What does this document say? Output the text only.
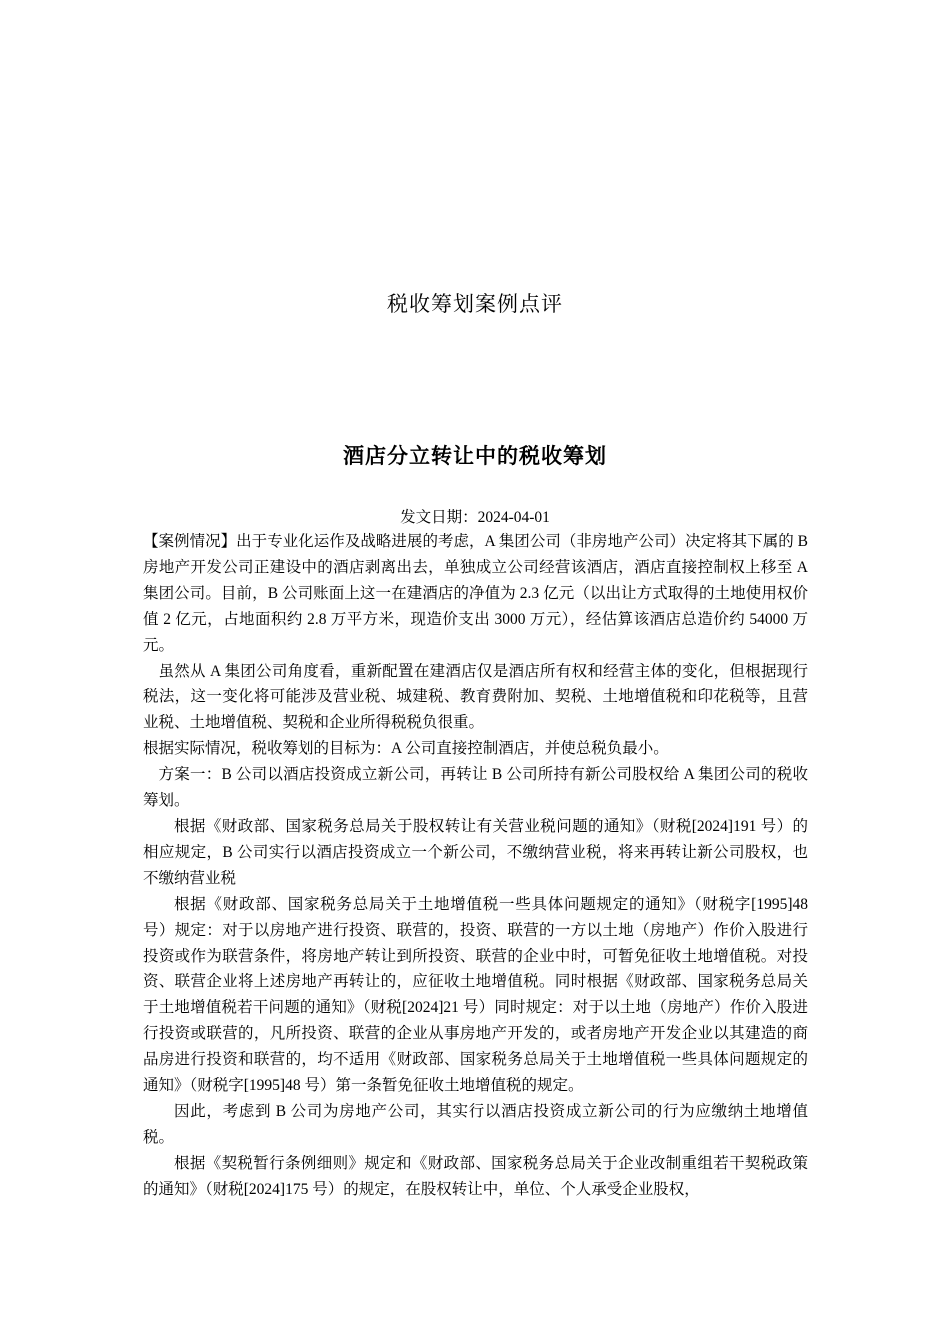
税收筹划案例点评
酒店分立转让中的税收筹划
发文日期：2024-04-01

【案例情况】出于专业化运作及战略进展的考虑，A 集团公司（非房地产公司）决定将其下属的 B 房地产开发公司正建设中的酒店剥离出去，单独成立公司经营该酒店，酒店直接控制权上移至 A 集团公司。目前，B 公司账面上这一在建酒店的净值为 2.3 亿元（以出让方式取得的土地使用权价值 2 亿元，占地面积约 2.8 万平方米，现造价支出 3000 万元），经估算该酒店总造价约 54000 万元。

虽然从 A 集团公司角度看，重新配置在建酒店仅是酒店所有权和经营主体的变化，但根据现行税法，这一变化将可能涉及营业税、城建税、教育费附加、契税、土地增值税和印花税等，且营业税、土地增值税、契税和企业所得税税负很重。

根据实际情况，税收筹划的目标为：A 公司直接控制酒店，并使总税负最小。

方案一：B 公司以酒店投资成立新公司，再转让 B 公司所持有新公司股权给 A 集团公司的税收筹划。

根据《财政部、国家税务总局关于股权转让有关营业税问题的通知》（财税[2024]191 号）的相应规定，B 公司实行以酒店投资成立一个新公司，不缴纳营业税，将来再转让新公司股权，也不缴纳营业税

根据《财政部、国家税务总局关于土地增值税一些具体问题规定的通知》（财税字[1995]48 号）规定：对于以房地产进行投资、联营的，投资、联营的一方以土地（房地产）作价入股进行投资或作为联营条件，将房地产转让到所投资、联营的企业中时，可暂免征收土地增值税。对投资、联营企业将上述房地产再转让的，应征收土地增值税。同时根据《财政部、国家税务总局关于土地增值税若干问题的通知》（财税[2024]21 号）同时规定：对于以土地（房地产）作价入股进行投资或联营的，凡所投资、联营的企业从事房地产开发的，或者房地产开发企业以其建造的商品房进行投资和联营的，均不适用《财政部、国家税务总局关于土地增值税一些具体问题规定的通知》（财税字[1995]48 号）第一条暂免征收土地增值税的规定。

因此，考虑到 B 公司为房地产公司，其实行以酒店投资成立新公司的行为应缴纳土地增值税。

根据《契税暂行条例细则》规定和《财政部、国家税务总局关于企业改制重组若干契税政策的通知》（财税[2024]175 号）的规定，在股权转让中，单位、个人承受企业股权，
